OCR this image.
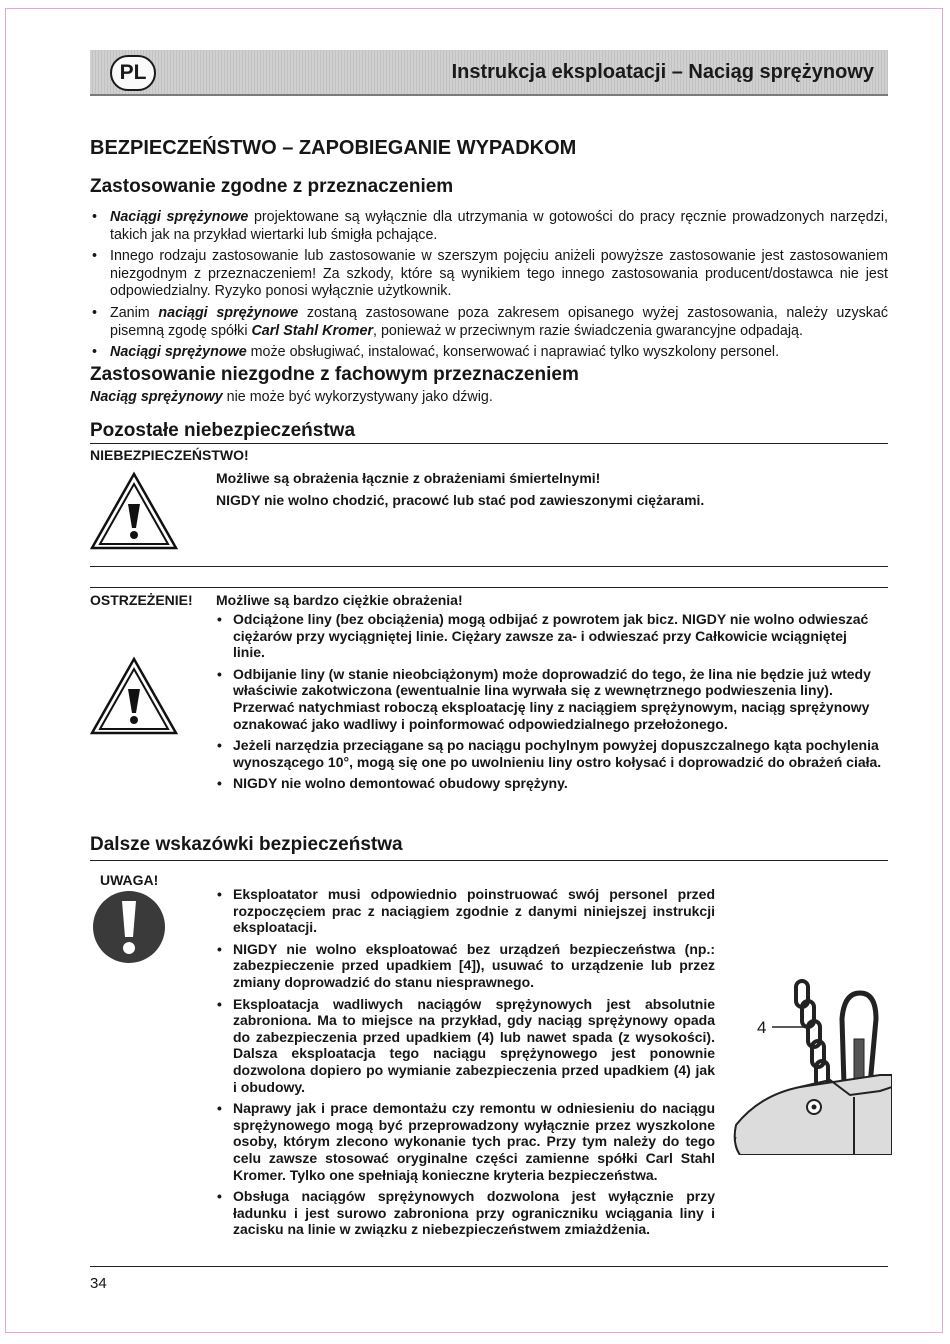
PL	Instrukcja eksploatacji – Naciąg sprężynowy
BEZPIECZEŃSTWO – ZAPOBIEGANIE WYPADKOM
Zastosowanie zgodne z przeznaczeniem
• Naciągi sprężynowe projektowane są wyłącznie dla utrzymania w gotowości do pracy ręcznie prowadzonych narzędzi, takich jak na przykład wiertarki lub śmigła pchające.
• Innego rodzaju zastosowanie lub zastosowanie w szerszym pojęciu aniżeli powyższe zastosowanie jest zastosowaniem niezgodnym z przeznaczeniem! Za szkody, które są wynikiem tego innego zastosowania producent/dostawca nie jest odpowiedzialny. Ryzyko ponosi wyłącznie użytkownik.
• Zanim naciągi sprężynowe zostaną zastosowane poza zakresem opisanego wyżej zastosowania, należy uzyskać pisemną zgodę spółki Carl Stahl Kromer, ponieważ w przeciwnym razie świadczenia gwarancyjne odpadają.
• Naciągi sprężynowe może obsługiwać, instalować, konserwować i naprawiać tylko wyszkolony personel.
Zastosowanie niezgodne z fachowym przeznaczeniem
Naciąg sprężynowy nie może być wykorzystywany jako dźwig.
Pozostałe niebezpieczeństwa
NIEBEZPIECZEŃSTWO!

Możliwe są obrażenia łącznie z obrażeniami śmiertelnymi!

NIGDY nie wolno chodzić, pracowć lub stać pod zawieszonymi ciężarami.

OSTRZEŻENIE! Możliwe są bardzo ciężkie obrażenia!
• Odciążone liny (bez obciążenia) mogą odbijać z powrotem jak bicz. NIGDY nie wolno odwieszać ciężarów przy wyciągniętej linie. Ciężary zawsze za- i odwieszać przy Całkowicie wciągniętej linie.
• Odbijanie liny (w stanie nieobciążonym) może doprowadzić do tego, że lina nie będzie już wtedy właściwie zakotwiczona (ewentualnie lina wyrwała się z wewnętrznego podwieszenia liny). Przerwać natychmiast roboczą eksploatację liny z naciągiem sprężynowym, naciąg sprężynowy oznakować jako wadliwy i poinformować odpowiedzialnego przełożonego.
• Jeżeli narzędzia przeciągane są po naciągu pochylnym powyżej dopuszczalnego kąta pochylenia wynoszącego 10°, mogą się one po uwolnieniu liny ostro kołysać i doprowadzić do obrażeń ciała.
• NIGDY nie wolno demontować obudowy sprężyny.
Dalsze wskazówki bezpieczeństwa
UWAGA!
• Eksploatator musi odpowiednio poinstruować swój personel przed rozpoczęciem prac z naciągiem zgodnie z danymi niniejszej instrukcji eksploatacji.
• NIGDY nie wolno eksploatować bez urządzeń bezpieczeństwa (np.: zabezpieczenie przed upadkiem [4]), usuwać to urządzenie lub przez zmiany doprowadzić do stanu niesprawnego.
• Eksploatacja wadliwych naciągów sprężynowych jest absolutnie zabroniona. Ma to miejsce na przykład, gdy naciąg sprężynowy opada do zabezpieczenia przed upadkiem (4) lub nawet spada (z wysokości). Dalsza eksploatacja tego naciągu sprężynowego jest ponownie dozwolona dopiero po wymianie zabezpieczenia przed upadkiem (4) jak i obudowy.
• Naprawy jak i prace demontażu czy remontu w odniesieniu do naciągu sprężynowego mogą być przeprowadzony wyłącznie przez wyszkolone osoby, którym zlecono wykonanie tych prac. Przy tym należy do tego celu zawsze stosować oryginalne części zamienne spółki Carl Stahl Kromer. Tylko one spełniają konieczne kryteria bezpieczeństwa.
• Obsługa naciągów sprężynowych dozwolona jest wyłącznie przy ładunku i jest surowo zabroniona przy ograniczniku wciągania liny i zacisku na linie w związku z niebezpieczeństwem zmiażdżenia.
4
34
